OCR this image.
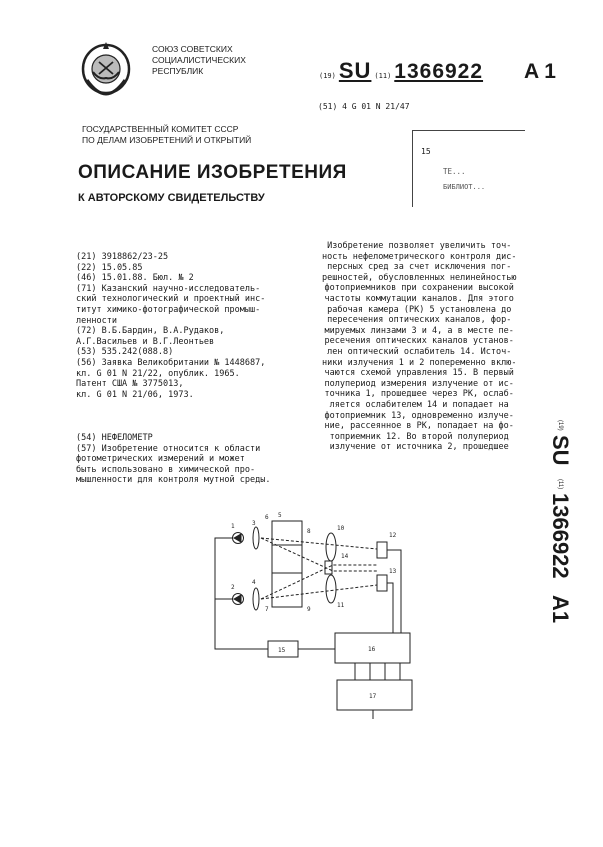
СОЮЗ СОВЕТСКИХ
СОЦИАЛИСТИЧЕСКИХ
РЕСПУБЛИК	(19) SU (11) 1366922 A 1
(51) 4 G 01 N 21/47
15
ТЕ...
БИБЛИОТ...
ГОСУДАРСТВЕННЫЙ КОМИТЕТ СССР
ПО ДЕЛАМ ИЗОБРЕТЕНИЙ И ОТКРЫТИЙ
ОПИСАНИЕ ИЗОБРЕТЕНИЯ
К АВТОРСКОМУ СВИДЕТЕЛЬСТВУ
(21) 3918862/23-25
(22) 15.05.85
(46) 15.01.88. Бюл. № 2
(71) Казанский научно-исследователь-
ский технологический и проектный инс-
титут химико-фотографической промыш-
ленности
(72) В.Б.Бардин, В.А.Рудаков,
А.Г.Васильев и В.Г.Леонтьев
(53) 535.242(088.8)
(56) Заявка Великобритании № 1448687,
кл. G 01 N 21/22, опублик. 1965.
Патент США № 3775013,
кл. G 01 N 21/06, 1973.
(54) НЕФЕЛОМЕТР
(57) Изобретение относится к области
фотометрических измерений и может
быть использовано в химической про-
мышленности для контроля мутной среды.
Изобретение позволяет увеличить точ-
ность нефелометрического контроля дис-
персных сред за счет исключения пог-
решностей, обусловленных нелинейностью
фотоприемников при сохранении высокой
частоты коммутации каналов. Для этого
рабочая камера (РК) 5 установлена до
пересечения оптических каналов, фор-
мируемых линзами 3 и 4, а в месте пе-
ресечения оптических каналов установ-
лен оптический ослабитель 14. Источ-
ники излучения 1 и 2 попеременно вклю-
чаются схемой управления 15. В первый
полупериод измерения излучение от ис-
точника 1, прошедшее через РК, ослаб-
ляется ослабителем 14 и попадает на
фотоприемник 13, одновременно излуче-
ние, рассеянное в РК, попадает на фо-
топриемник 12. Во второй полупериод
излучение от источника 2, прошедшее
(19)
SU
(11)
1366922
A1
1
2
3
4
5
6
7
8
9
10
11
12
13
14
15	16
17
